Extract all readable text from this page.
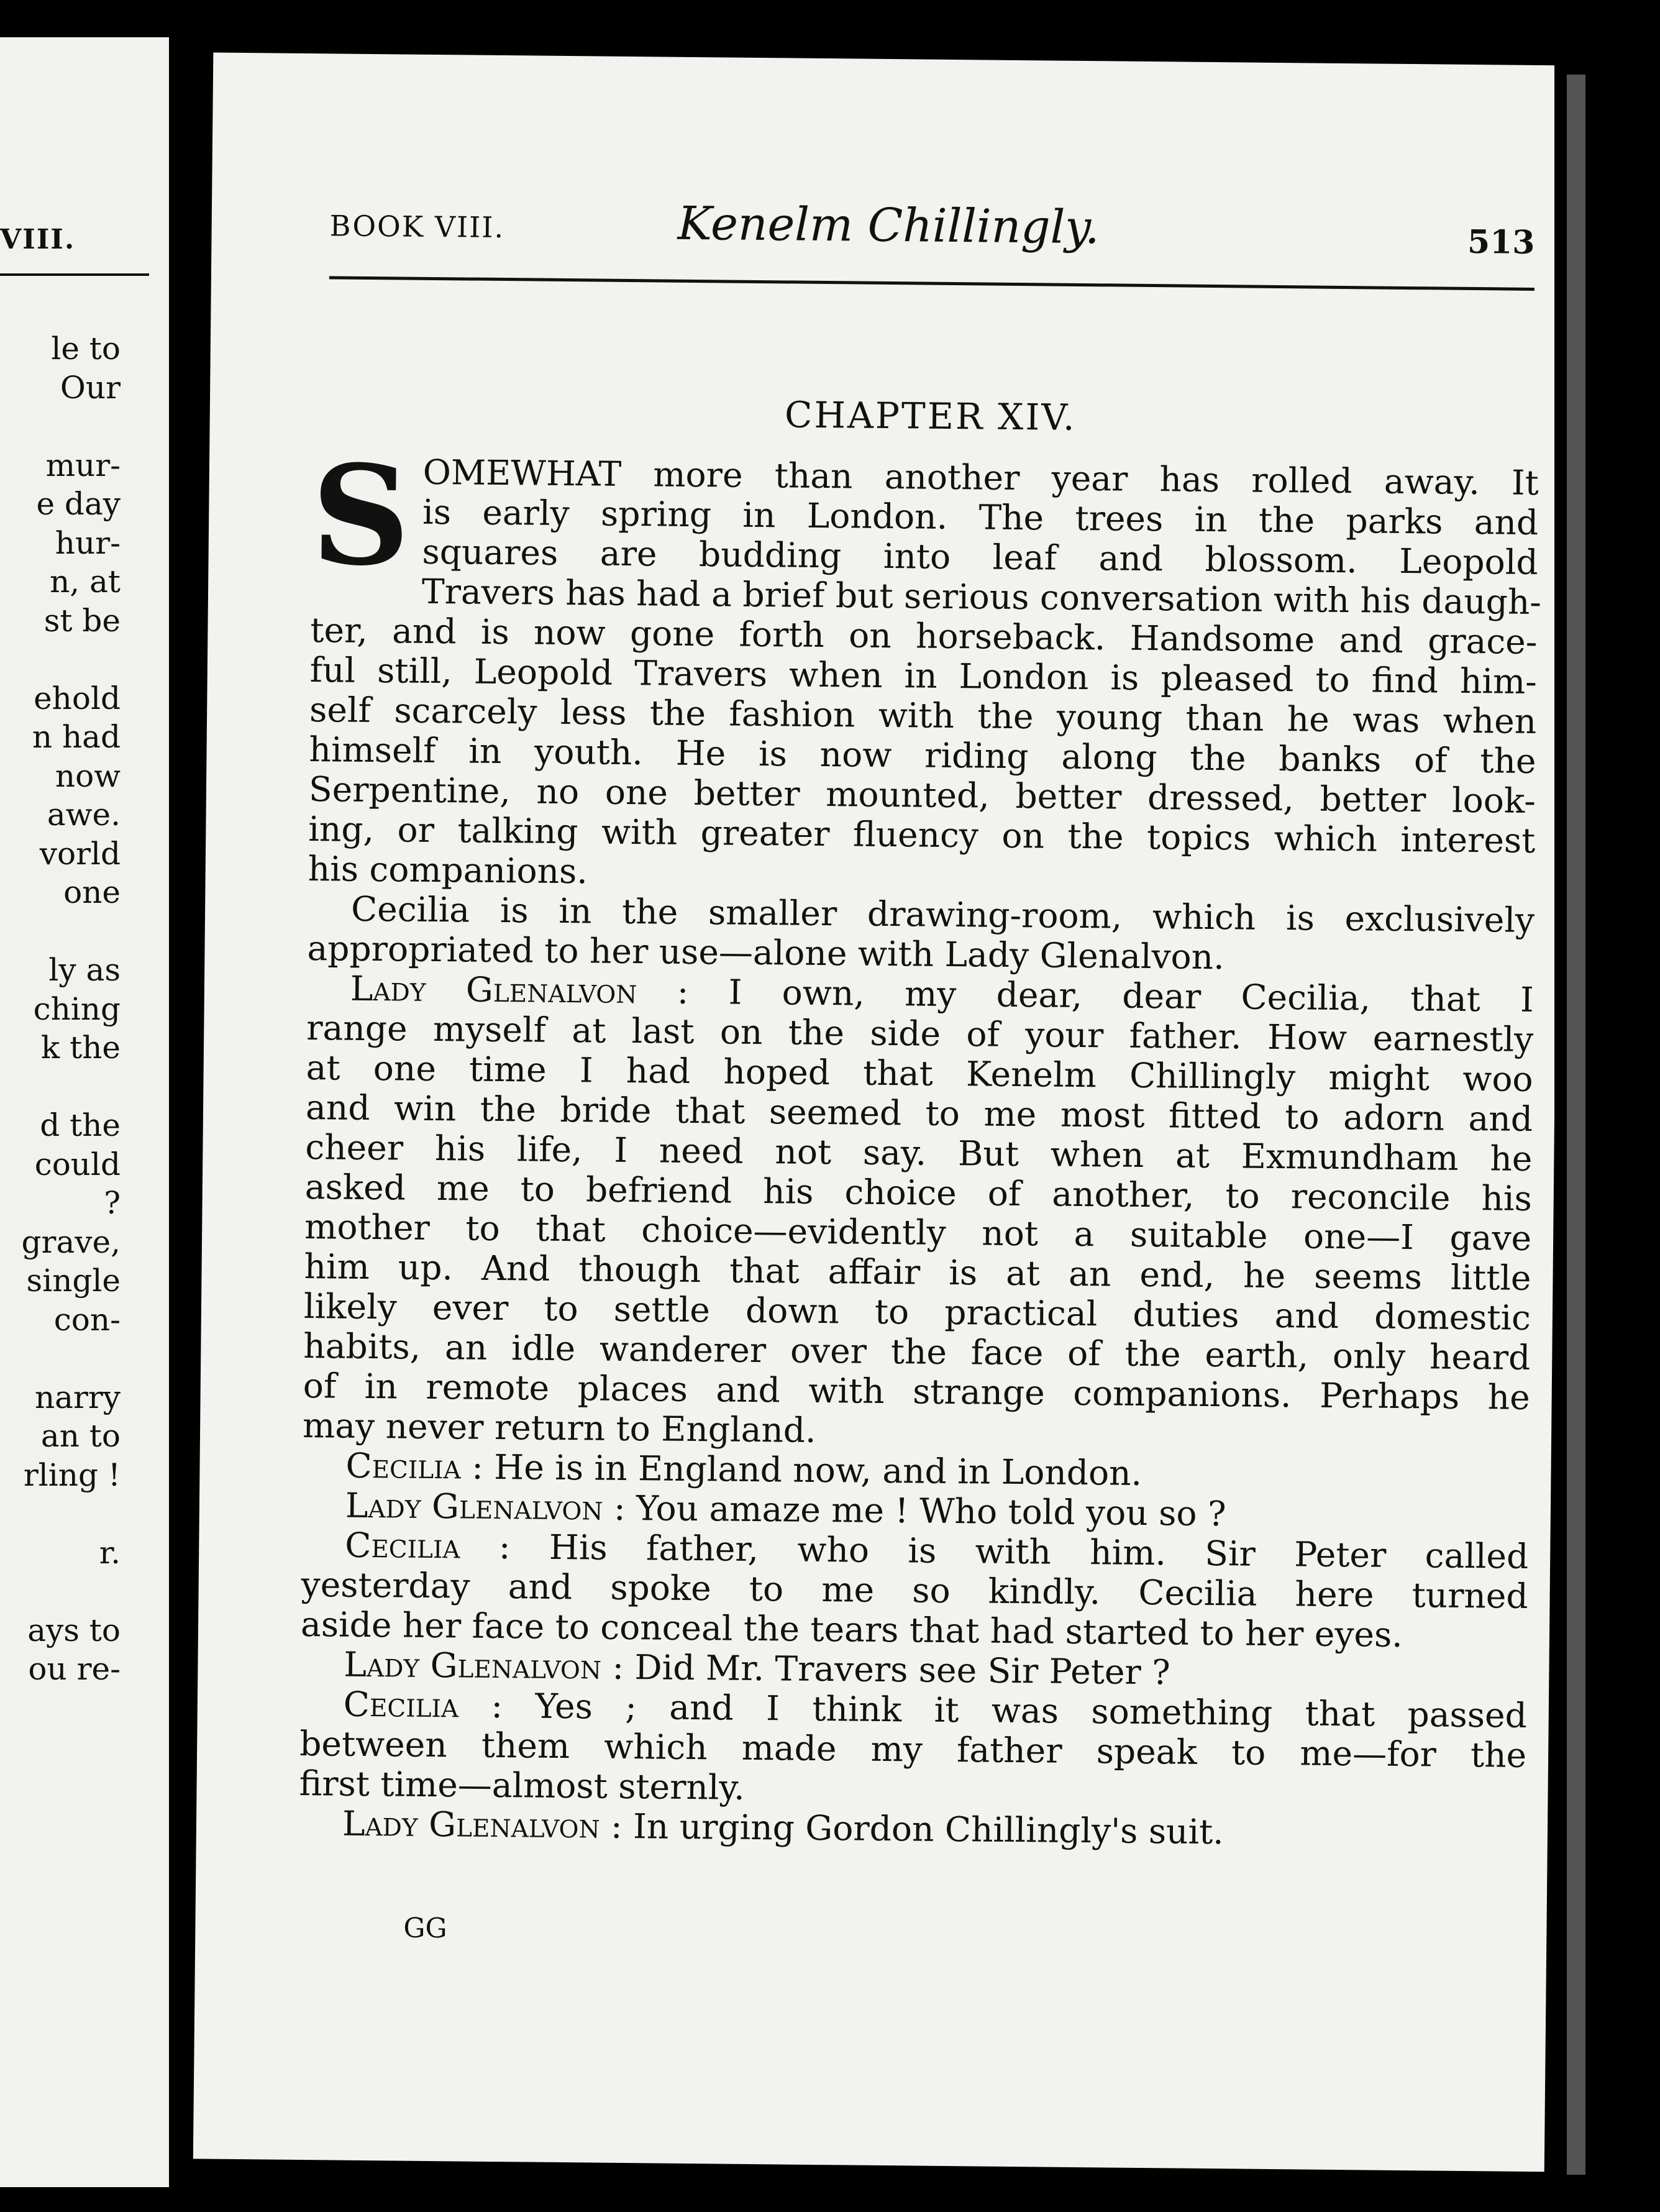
VIII.
le to
Our

mur-
e day
hur-
n, at
st be

ehold
n had
now
awe.
vorld
one

ly as
ching
k the

d the
could
?
grave,
single
con-

narry
an to
rling !

r.

ays to
ou re-
BOOK VIII.	Kenelm Chillingly.	513
CHAPTER XIV.
S OMEWHAT more than another year has rolled away. It
is early spring in London. The trees in the parks and
squares are budding into leaf and blossom. Leopold
Travers has had a brief but serious conversation with his daugh-
ter, and is now gone forth on horseback. Handsome and grace-
ful still, Leopold Travers when in London is pleased to find him-
self scarcely less the fashion with the young than he was when
himself in youth. He is now riding along the banks of the
Serpentine, no one better mounted, better dressed, better look-
ing, or talking with greater fluency on the topics which interest
his companions.
Cecilia is in the smaller drawing-room, which is exclusively
appropriated to her use—alone with Lady Glenalvon.
Lady Glenalvon : I own, my dear, dear Cecilia, that I
range myself at last on the side of your father. How earnestly
at one time I had hoped that Kenelm Chillingly might woo
and win the bride that seemed to me most fitted to adorn and
cheer his life, I need not say. But when at Exmundham he
asked me to befriend his choice of another, to reconcile his
mother to that choice—evidently not a suitable one—I gave
him up. And though that affair is at an end, he seems little
likely ever to settle down to practical duties and domestic
habits, an idle wanderer over the face of the earth, only heard
of in remote places and with strange companions. Perhaps he
may never return to England.
Cecilia : He is in England now, and in London.
Lady Glenalvon : You amaze me ! Who told you so ?
Cecilia : His father, who is with him. Sir Peter called
yesterday and spoke to me so kindly. Cecilia here turned
aside her face to conceal the tears that had started to her eyes.
Lady Glenalvon : Did Mr. Travers see Sir Peter ?
Cecilia : Yes ; and I think it was something that passed
between them which made my father speak to me—for the
first time—almost sternly.
Lady Glenalvon : In urging Gordon Chillingly's suit.
GG
